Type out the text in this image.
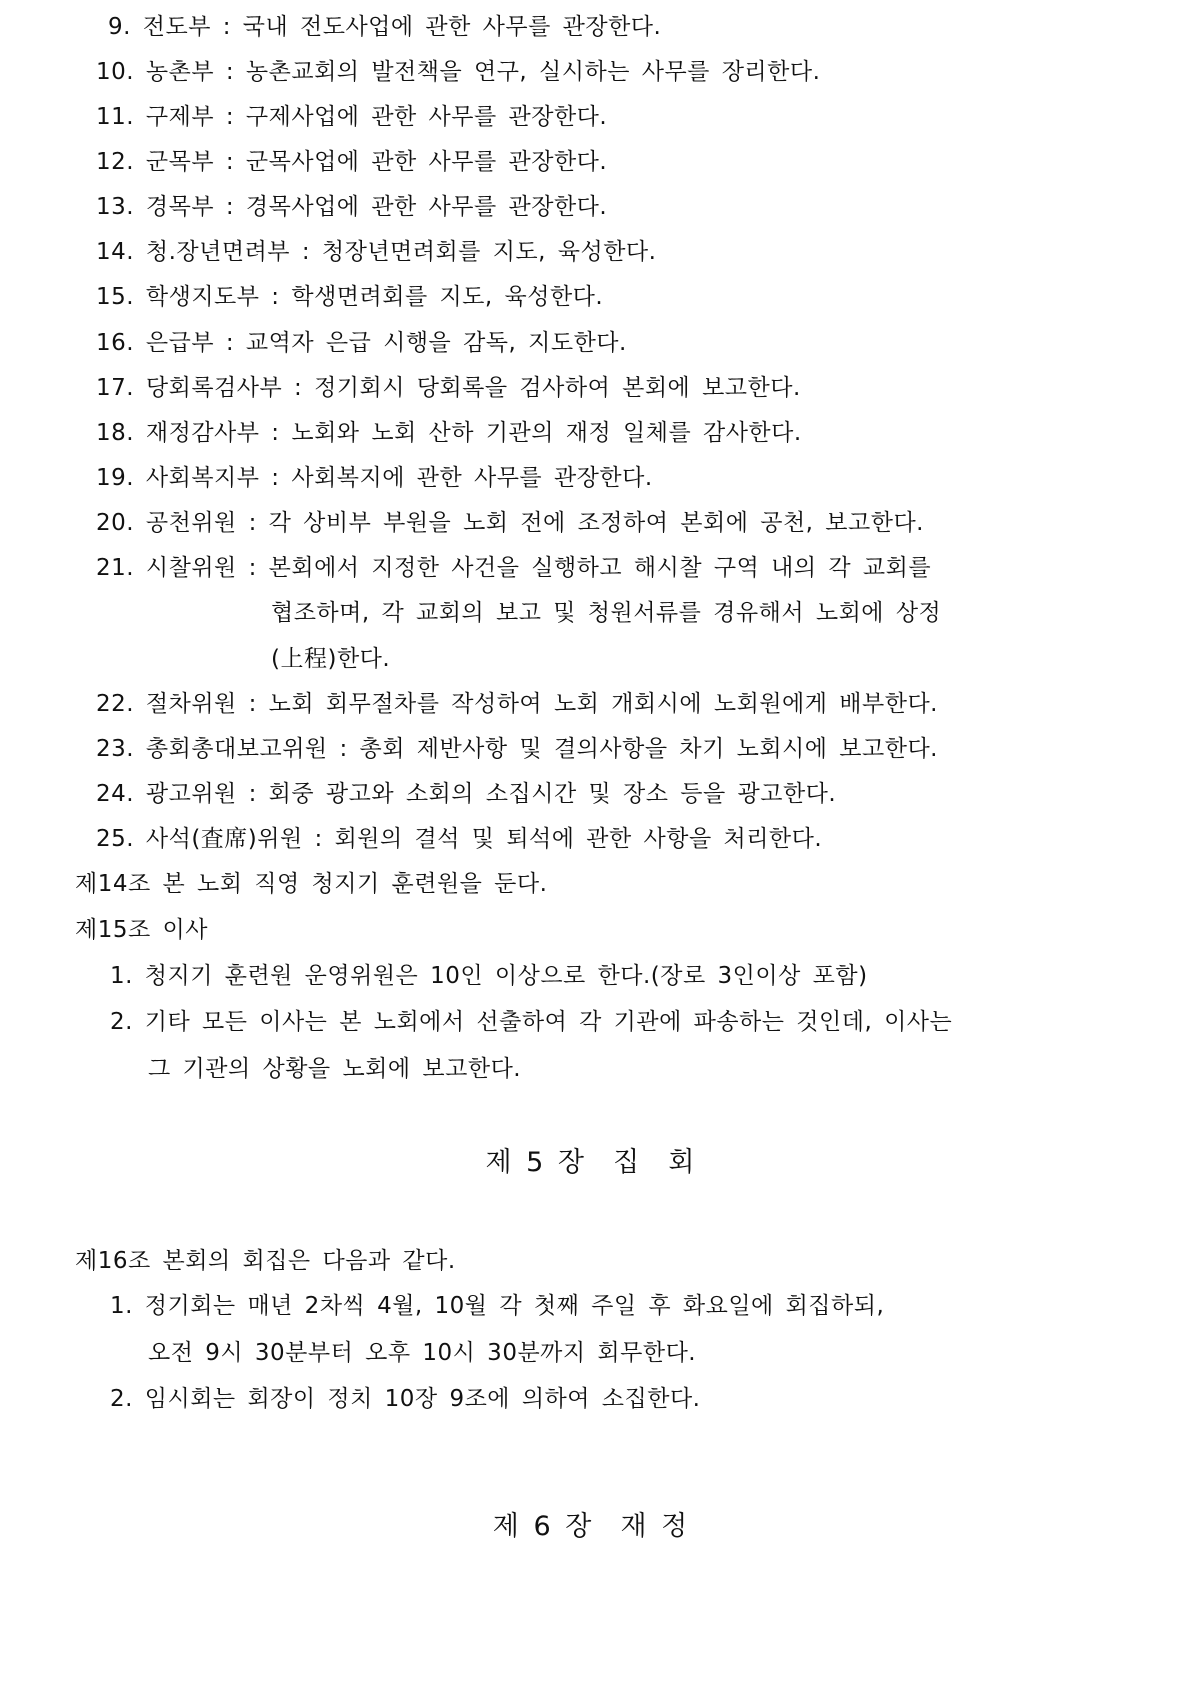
9. 전도부 : 국내 전도사업에 관한 사무를 관장한다.
10. 농촌부 : 농촌교회의 발전책을 연구, 실시하는 사무를 장리한다.
11. 구제부 : 구제사업에 관한 사무를 관장한다.
12. 군목부 : 군목사업에 관한 사무를 관장한다.
13. 경목부 : 경목사업에 관한 사무를 관장한다.
14. 청.장년면려부 : 청장년면려회를 지도, 육성한다.
15. 학생지도부 : 학생면려회를 지도, 육성한다.
16. 은급부 : 교역자 은급 시행을 감독, 지도한다.
17. 당회록검사부 : 정기회시 당회록을 검사하여 본회에 보고한다.
18. 재정감사부 : 노회와 노회 산하 기관의 재정 일체를 감사한다.
19. 사회복지부 : 사회복지에 관한 사무를 관장한다.
20. 공천위원 : 각 상비부 부원을 노회 전에 조정하여 본회에 공천, 보고한다.
21. 시찰위원 : 본회에서 지정한 사건을 실행하고 해시찰 구역 내의 각 교회를
협조하며, 각 교회의 보고 및 청원서류를 경유해서 노회에 상정
(上程)한다.
22. 절차위원 : 노회 회무절차를 작성하여 노회 개회시에 노회원에게 배부한다.
23. 총회총대보고위원 : 총회 제반사항 및 결의사항을 차기 노회시에 보고한다.
24. 광고위원 : 회중 광고와 소회의 소집시간 및 장소 등을 광고한다.
25. 사석(査席)위원 : 회원의 결석 및 퇴석에 관한 사항을 처리한다.
제14조 본 노회 직영 청지기 훈련원을 둔다.
제15조 이사
1. 청지기 훈련원 운영위원은 10인 이상으로 한다.(장로 3인이상 포함)
2. 기타 모든 이사는 본 노회에서 선출하여 각 기관에 파송하는 것인데, 이사는
그 기관의 상황을 노회에 보고한다.
제 5 장  집  회
제16조 본회의 회집은 다음과 같다.
1. 정기회는 매년 2차씩 4월, 10월 각 첫째 주일 후 화요일에 회집하되,
오전 9시 30분부터 오후 10시 30분까지 회무한다.
2. 임시회는 회장이 정치 10장 9조에 의하여 소집한다.
제 6 장  재 정
